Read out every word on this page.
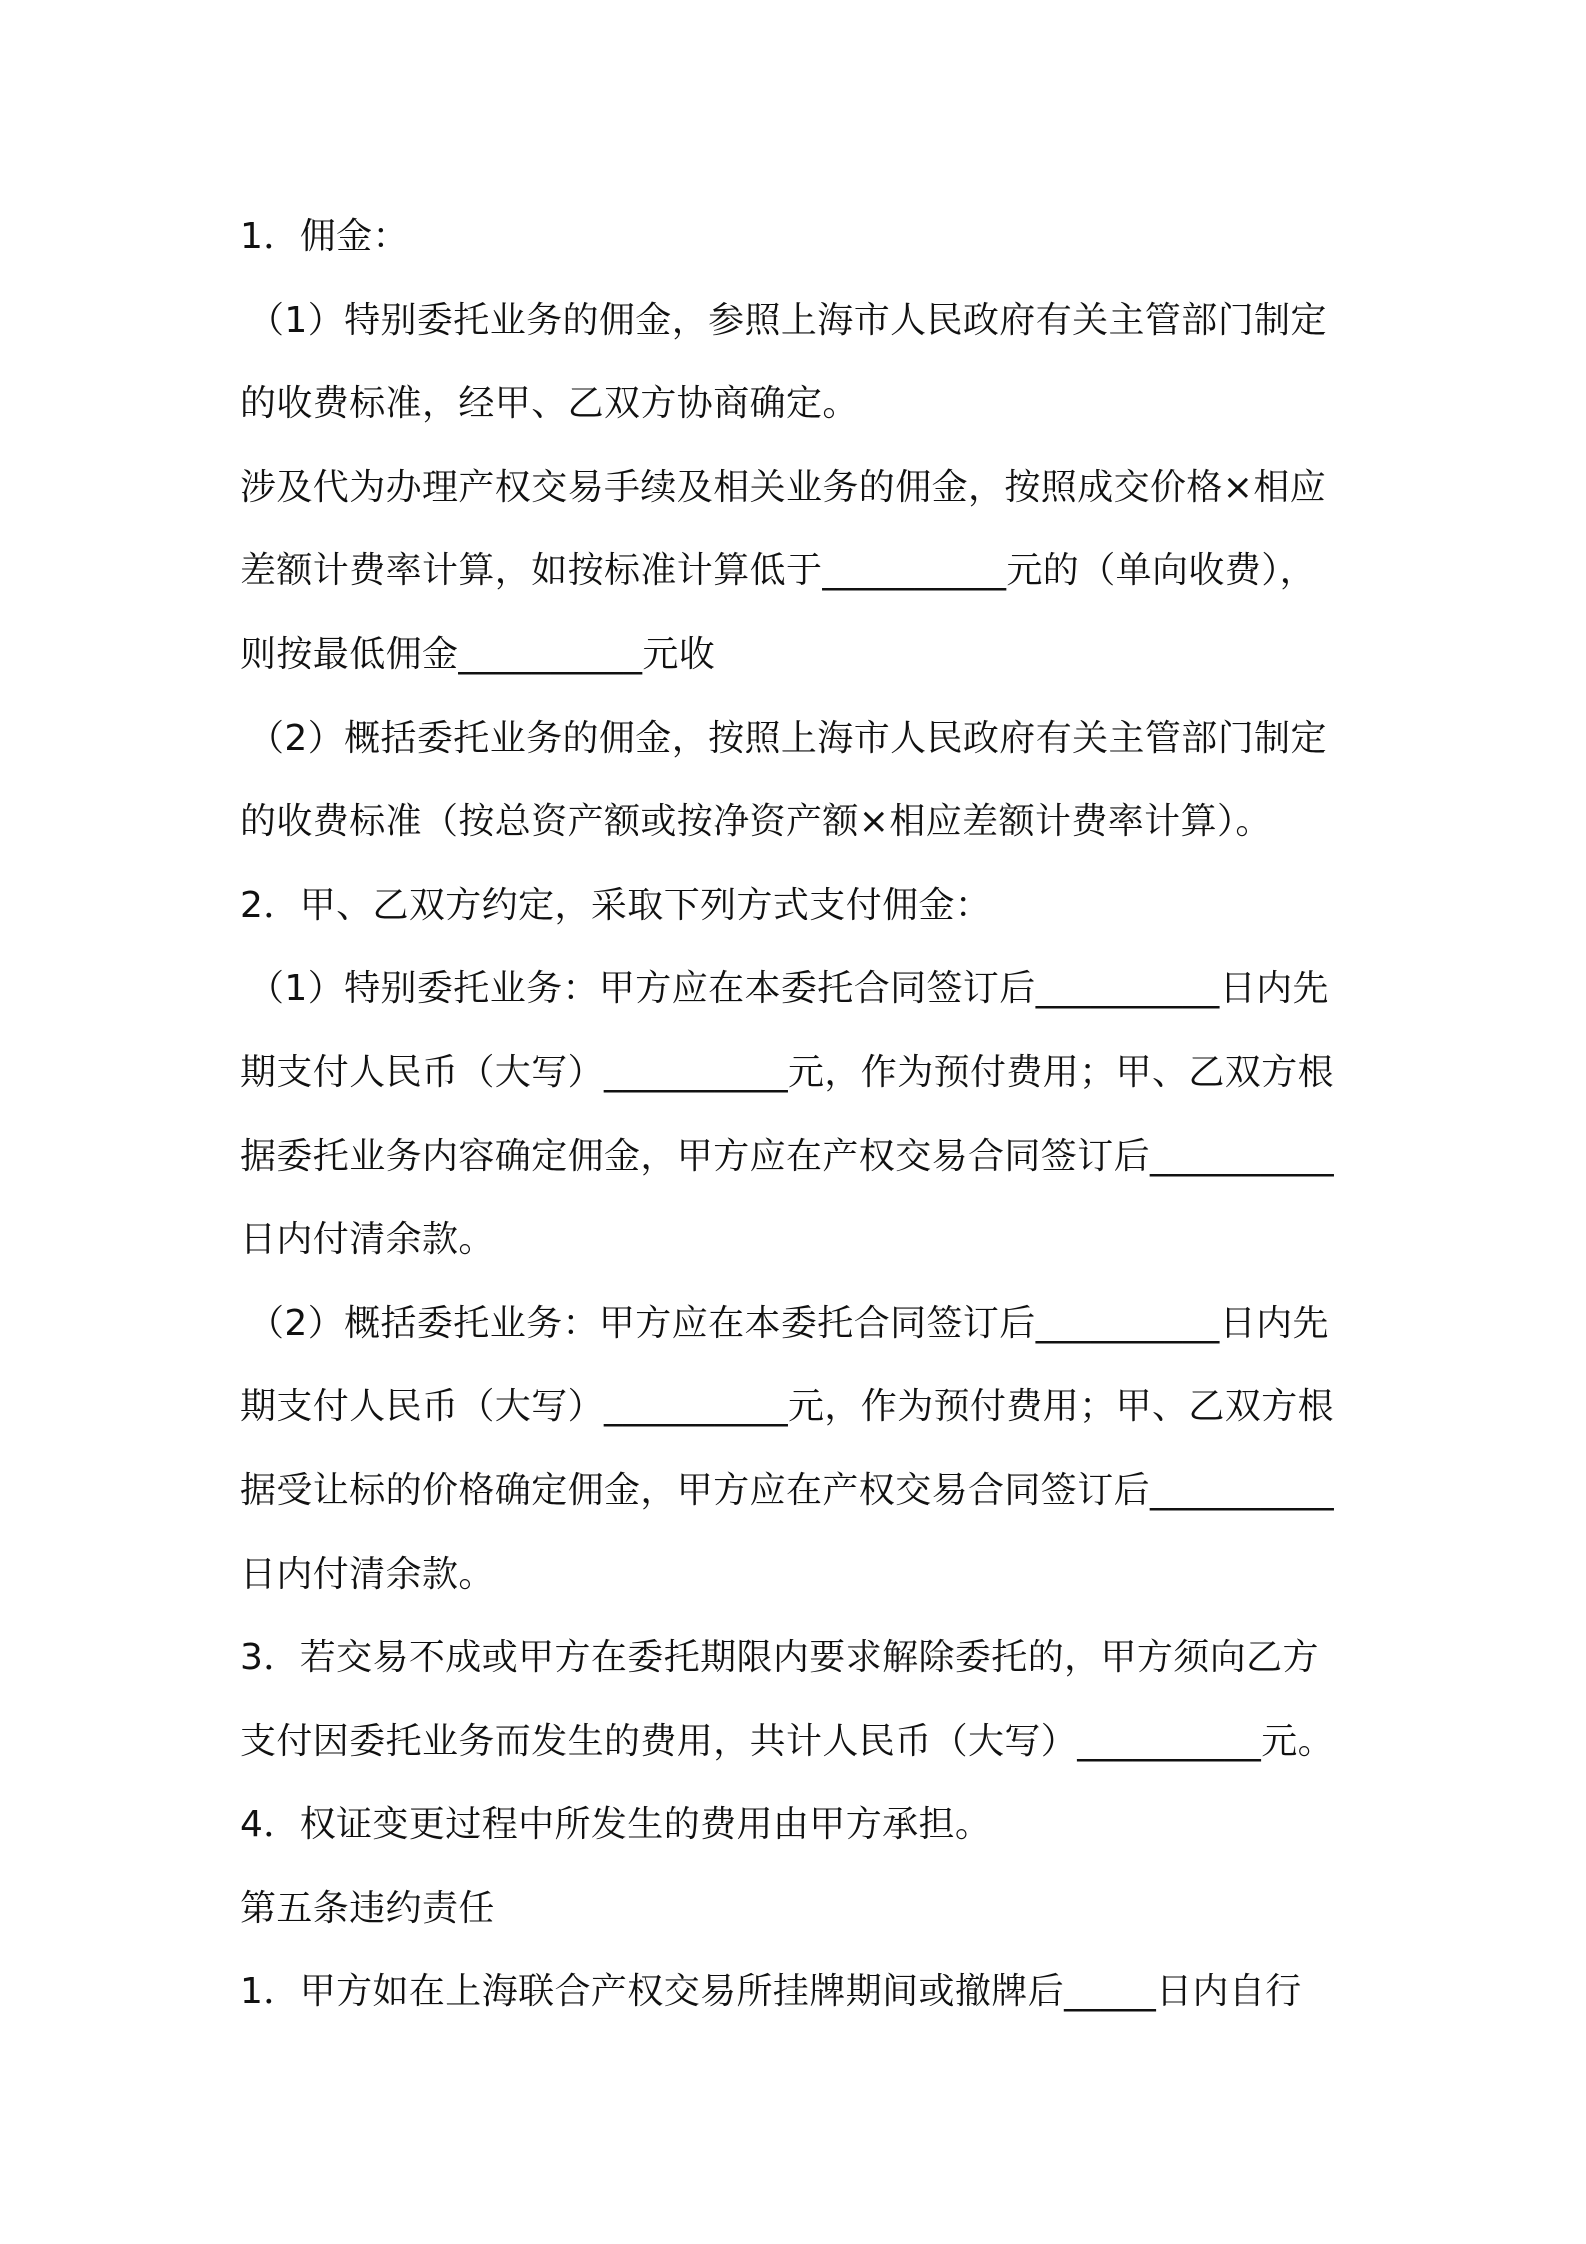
1．佣金：
（1）特别委托业务的佣金，参照上海市人民政府有关主管部门制定
的收费标准，经甲、乙双方协商确定。
涉及代为办理产权交易手续及相关业务的佣金，按照成交价格×相应
差额计费率计算，如按标准计算低于__________元的（单向收费），
则按最低佣金__________元收
（2）概括委托业务的佣金，按照上海市人民政府有关主管部门制定
的收费标准（按总资产额或按净资产额×相应差额计费率计算）。
2．甲、乙双方约定，采取下列方式支付佣金：
（1）特别委托业务：甲方应在本委托合同签订后__________日内先
期支付人民币（大写）__________元，作为预付费用；甲、乙双方根
据委托业务内容确定佣金，甲方应在产权交易合同签订后__________
日内付清余款。
（2）概括委托业务：甲方应在本委托合同签订后__________日内先
期支付人民币（大写）__________元，作为预付费用；甲、乙双方根
据受让标的价格确定佣金，甲方应在产权交易合同签订后__________
日内付清余款。
3．若交易不成或甲方在委托期限内要求解除委托的，甲方须向乙方
支付因委托业务而发生的费用，共计人民币（大写）__________元。
4．权证变更过程中所发生的费用由甲方承担。
第五条违约责任
1．甲方如在上海联合产权交易所挂牌期间或撤牌后_____日内自行
